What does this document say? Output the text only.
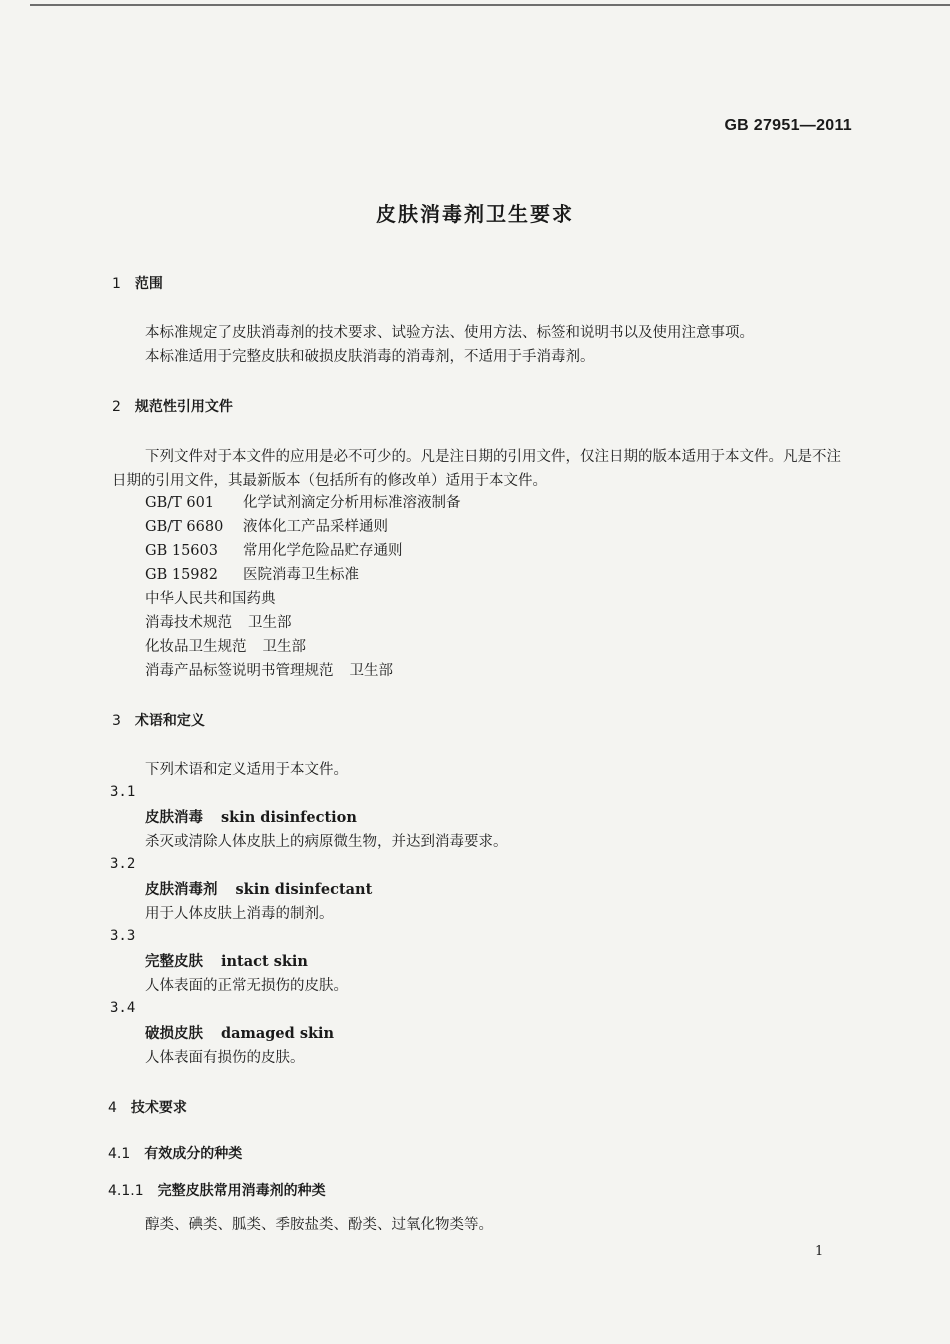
GB 27951—2011
皮肤消毒剂卫生要求
1 范围
本标准规定了皮肤消毒剂的技术要求、试验方法、使用方法、标签和说明书以及使用注意事项。
本标准适用于完整皮肤和破损皮肤消毒的消毒剂，不适用于手消毒剂。
2 规范性引用文件
下列文件对于本文件的应用是必不可少的。凡是注日期的引用文件，仅注日期的版本适用于本文件。凡是不注日期的引用文件，其最新版本（包括所有的修改单）适用于本文件。
GB/T 601 化学试剂滴定分析用标准溶液制备
GB/T 6680 液体化工产品采样通则
GB 15603 常用化学危险品贮存通则
GB 15982 医院消毒卫生标准
中华人民共和国药典
消毒技术规范 卫生部
化妆品卫生规范 卫生部
消毒产品标签说明书管理规范 卫生部
3 术语和定义
下列术语和定义适用于本文件。
3.1
皮肤消毒 skin disinfection
杀灭或清除人体皮肤上的病原微生物，并达到消毒要求。
3.2
皮肤消毒剂 skin disinfectant
用于人体皮肤上消毒的制剂。
3.3
完整皮肤 intact skin
人体表面的正常无损伤的皮肤。
3.4
破损皮肤 damaged skin
人体表面有损伤的皮肤。
4 技术要求
4.1 有效成分的种类
4.1.1 完整皮肤常用消毒剂的种类
醇类、碘类、胍类、季胺盐类、酚类、过氧化物类等。
1
